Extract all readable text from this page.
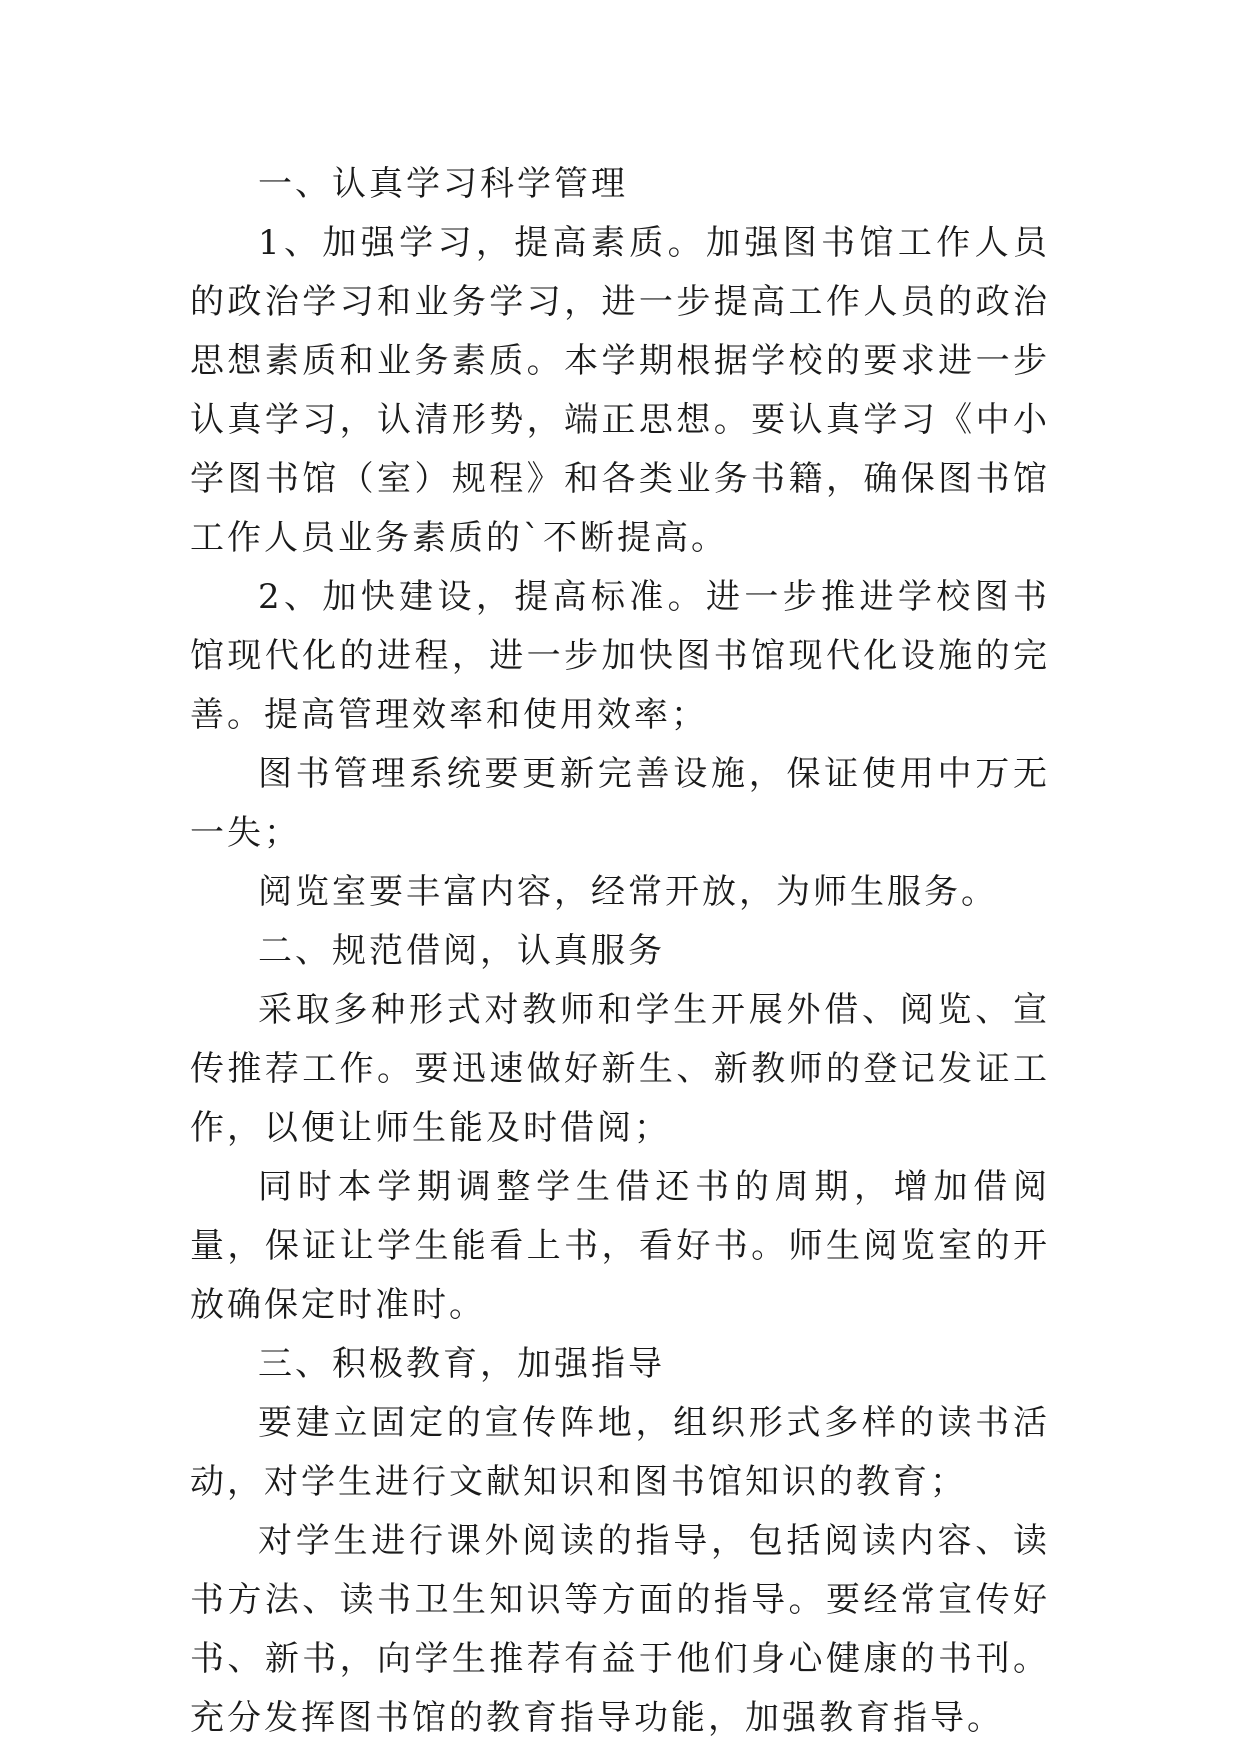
一、认真学习科学管理

1、加强学习，提高素质。加强图书馆工作人员的政治学习和业务学习，进一步提高工作人员的政治思想素质和业务素质。本学期根据学校的要求进一步认真学习，认清形势，端正思想。要认真学习《中小学图书馆（室）规程》和各类业务书籍，确保图书馆工作人员业务素质的`不断提高。

2、加快建设，提高标准。进一步推进学校图书馆现代化的进程，进一步加快图书馆现代化设施的完善。提高管理效率和使用效率；

图书管理系统要更新完善设施，保证使用中万无一失；

阅览室要丰富内容，经常开放，为师生服务。

二、规范借阅，认真服务

采取多种形式对教师和学生开展外借、阅览、宣传推荐工作。要迅速做好新生、新教师的登记发证工作，以便让师生能及时借阅；

同时本学期调整学生借还书的周期，增加借阅量，保证让学生能看上书，看好书。师生阅览室的开放确保定时准时。

三、积极教育，加强指导

要建立固定的宣传阵地，组织形式多样的读书活动，对学生进行文献知识和图书馆知识的教育；

对学生进行课外阅读的指导，包括阅读内容、读书方法、读书卫生知识等方面的指导。要经常宣传好书、新书，向学生推荐有益于他们身心健康的书刊。充分发挥图书馆的教育指导功能，加强教育指导。
